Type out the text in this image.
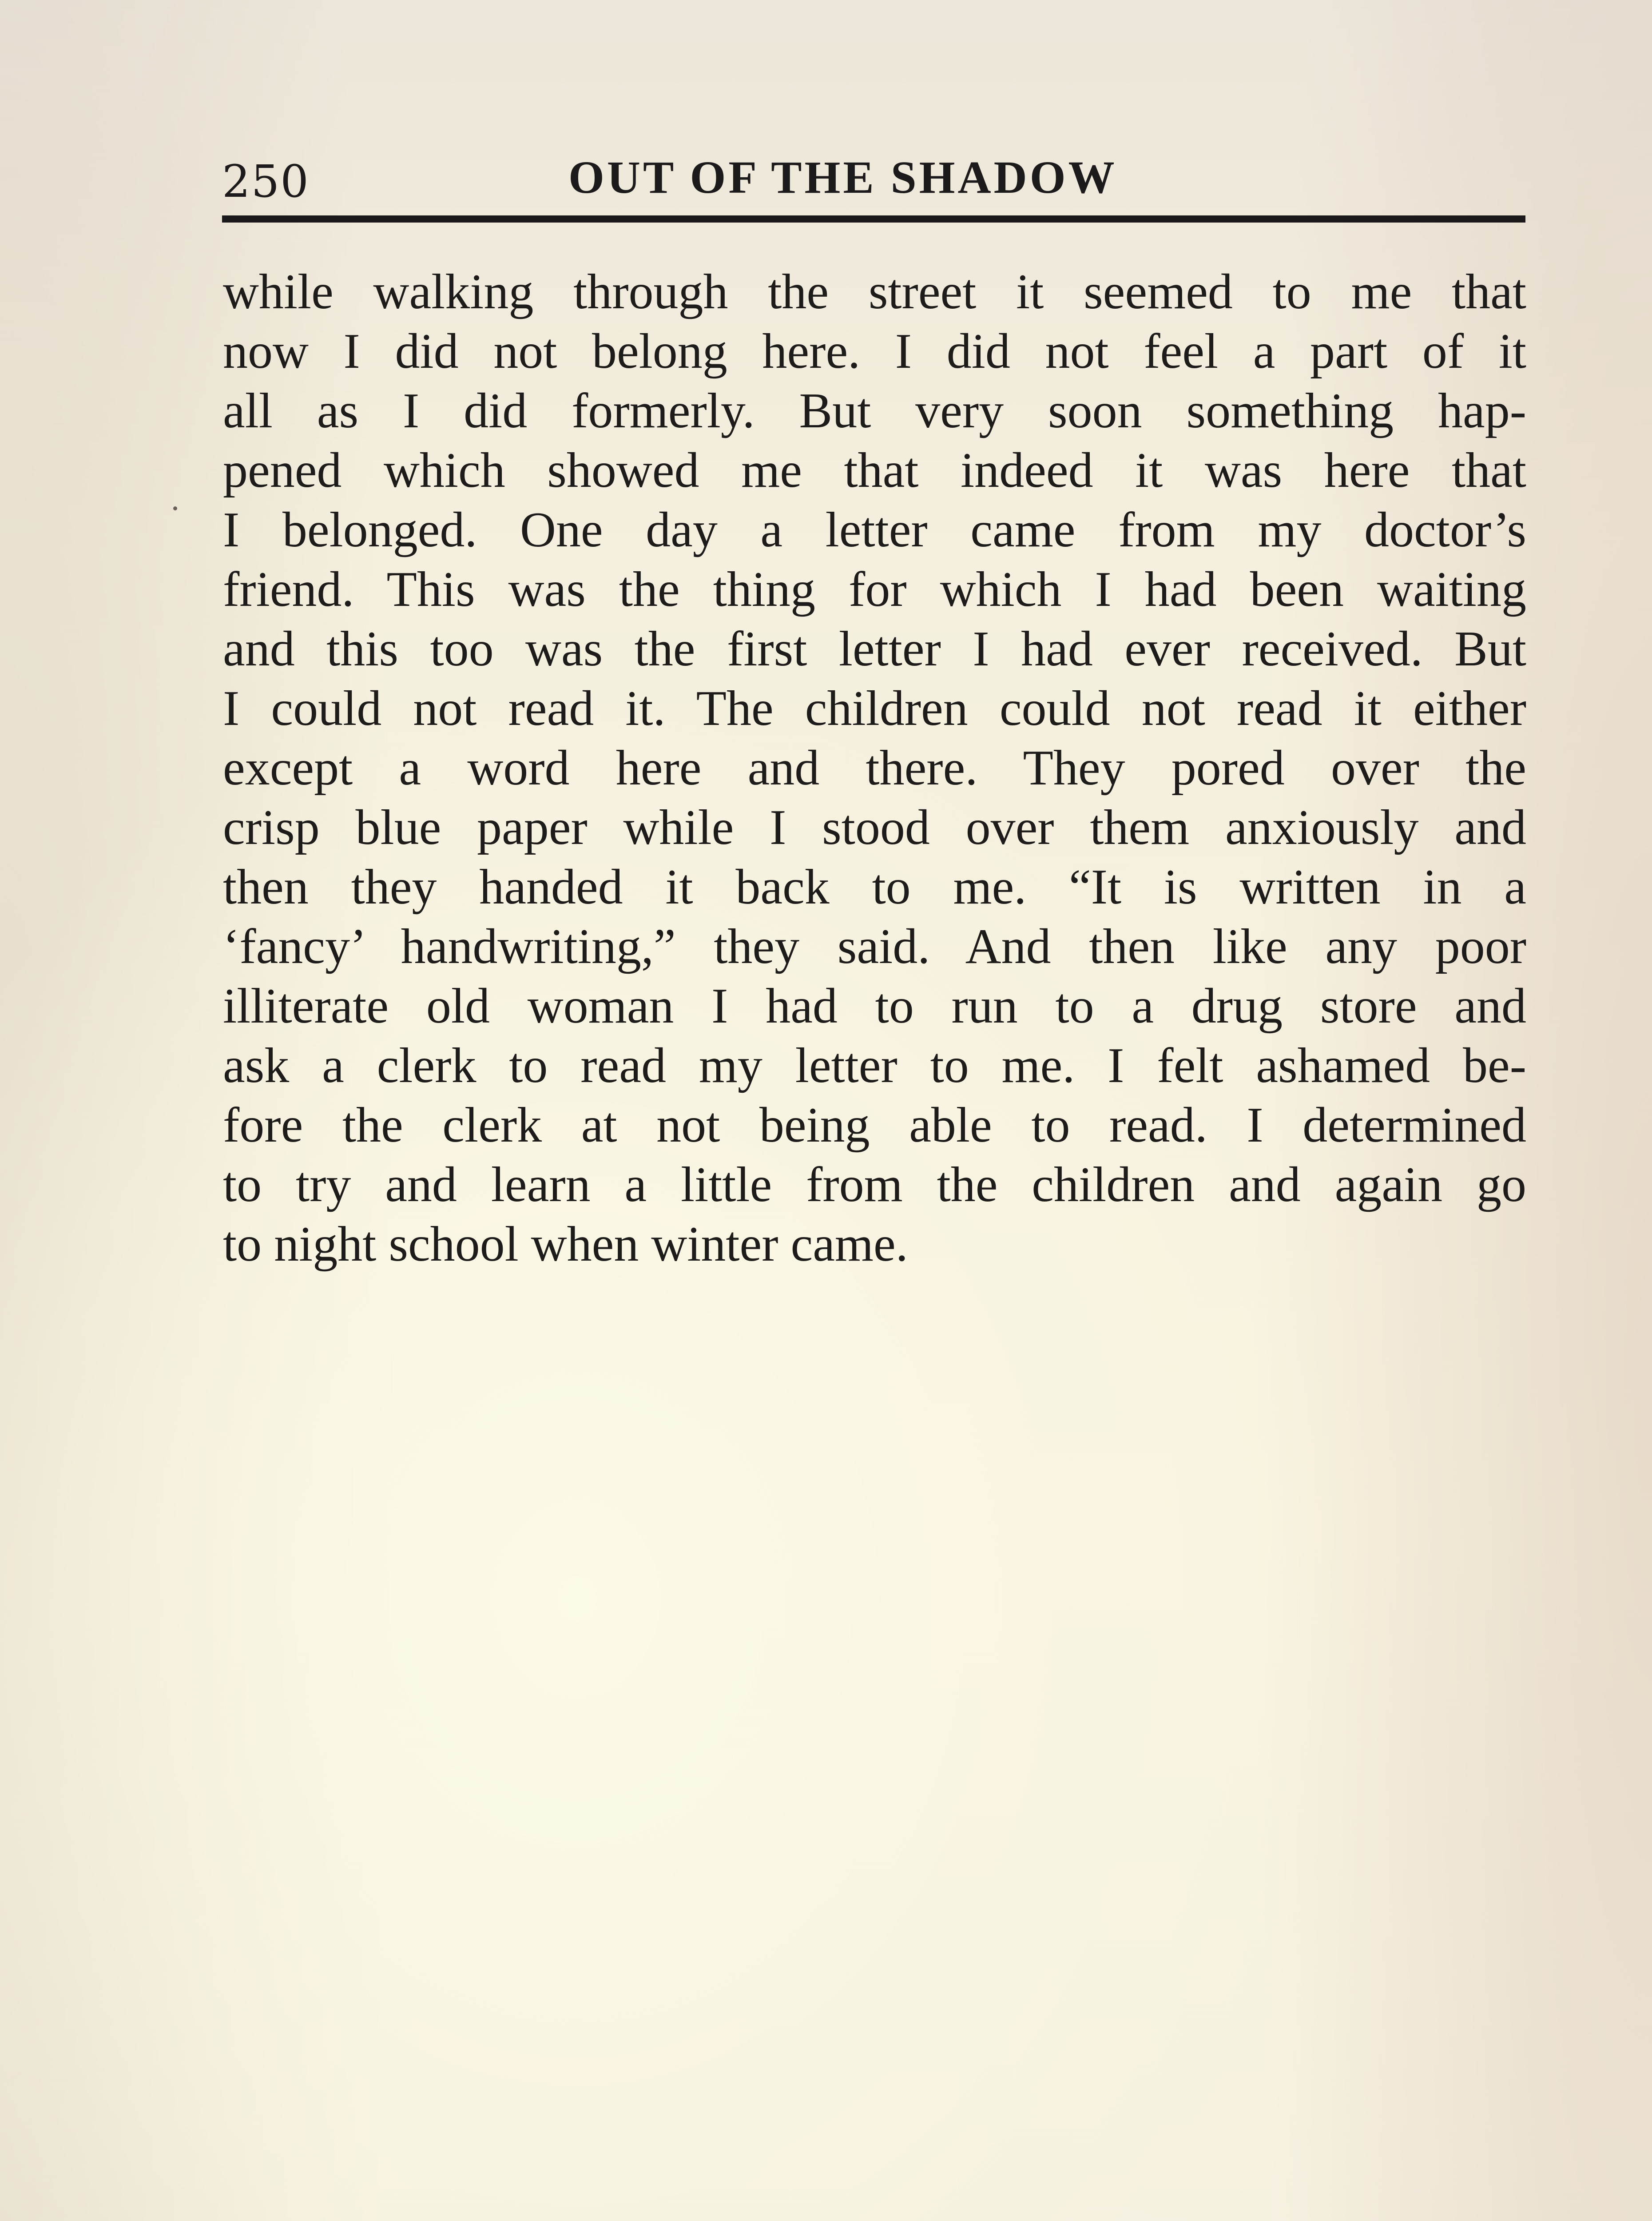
250	OUT OF THE SHADOW
while walking through the street it seemed to me that
now I did not belong here. I did not feel a part of it
all as I did formerly. But very soon something hap-
pened which showed me that indeed it was here that
I belonged. One day a letter came from my doctor’s
friend. This was the thing for which I had been waiting
and this too was the first letter I had ever received. But
I could not read it. The children could not read it either
except a word here and there. They pored over the
crisp blue paper while I stood over them anxiously and
then they handed it back to me. “It is written in a
‘fancy’ handwriting,” they said. And then like any poor
illiterate old woman I had to run to a drug store and
ask a clerk to read my letter to me. I felt ashamed be-
fore the clerk at not being able to read. I determined
to try and learn a little from the children and again go
to night school when winter came.
